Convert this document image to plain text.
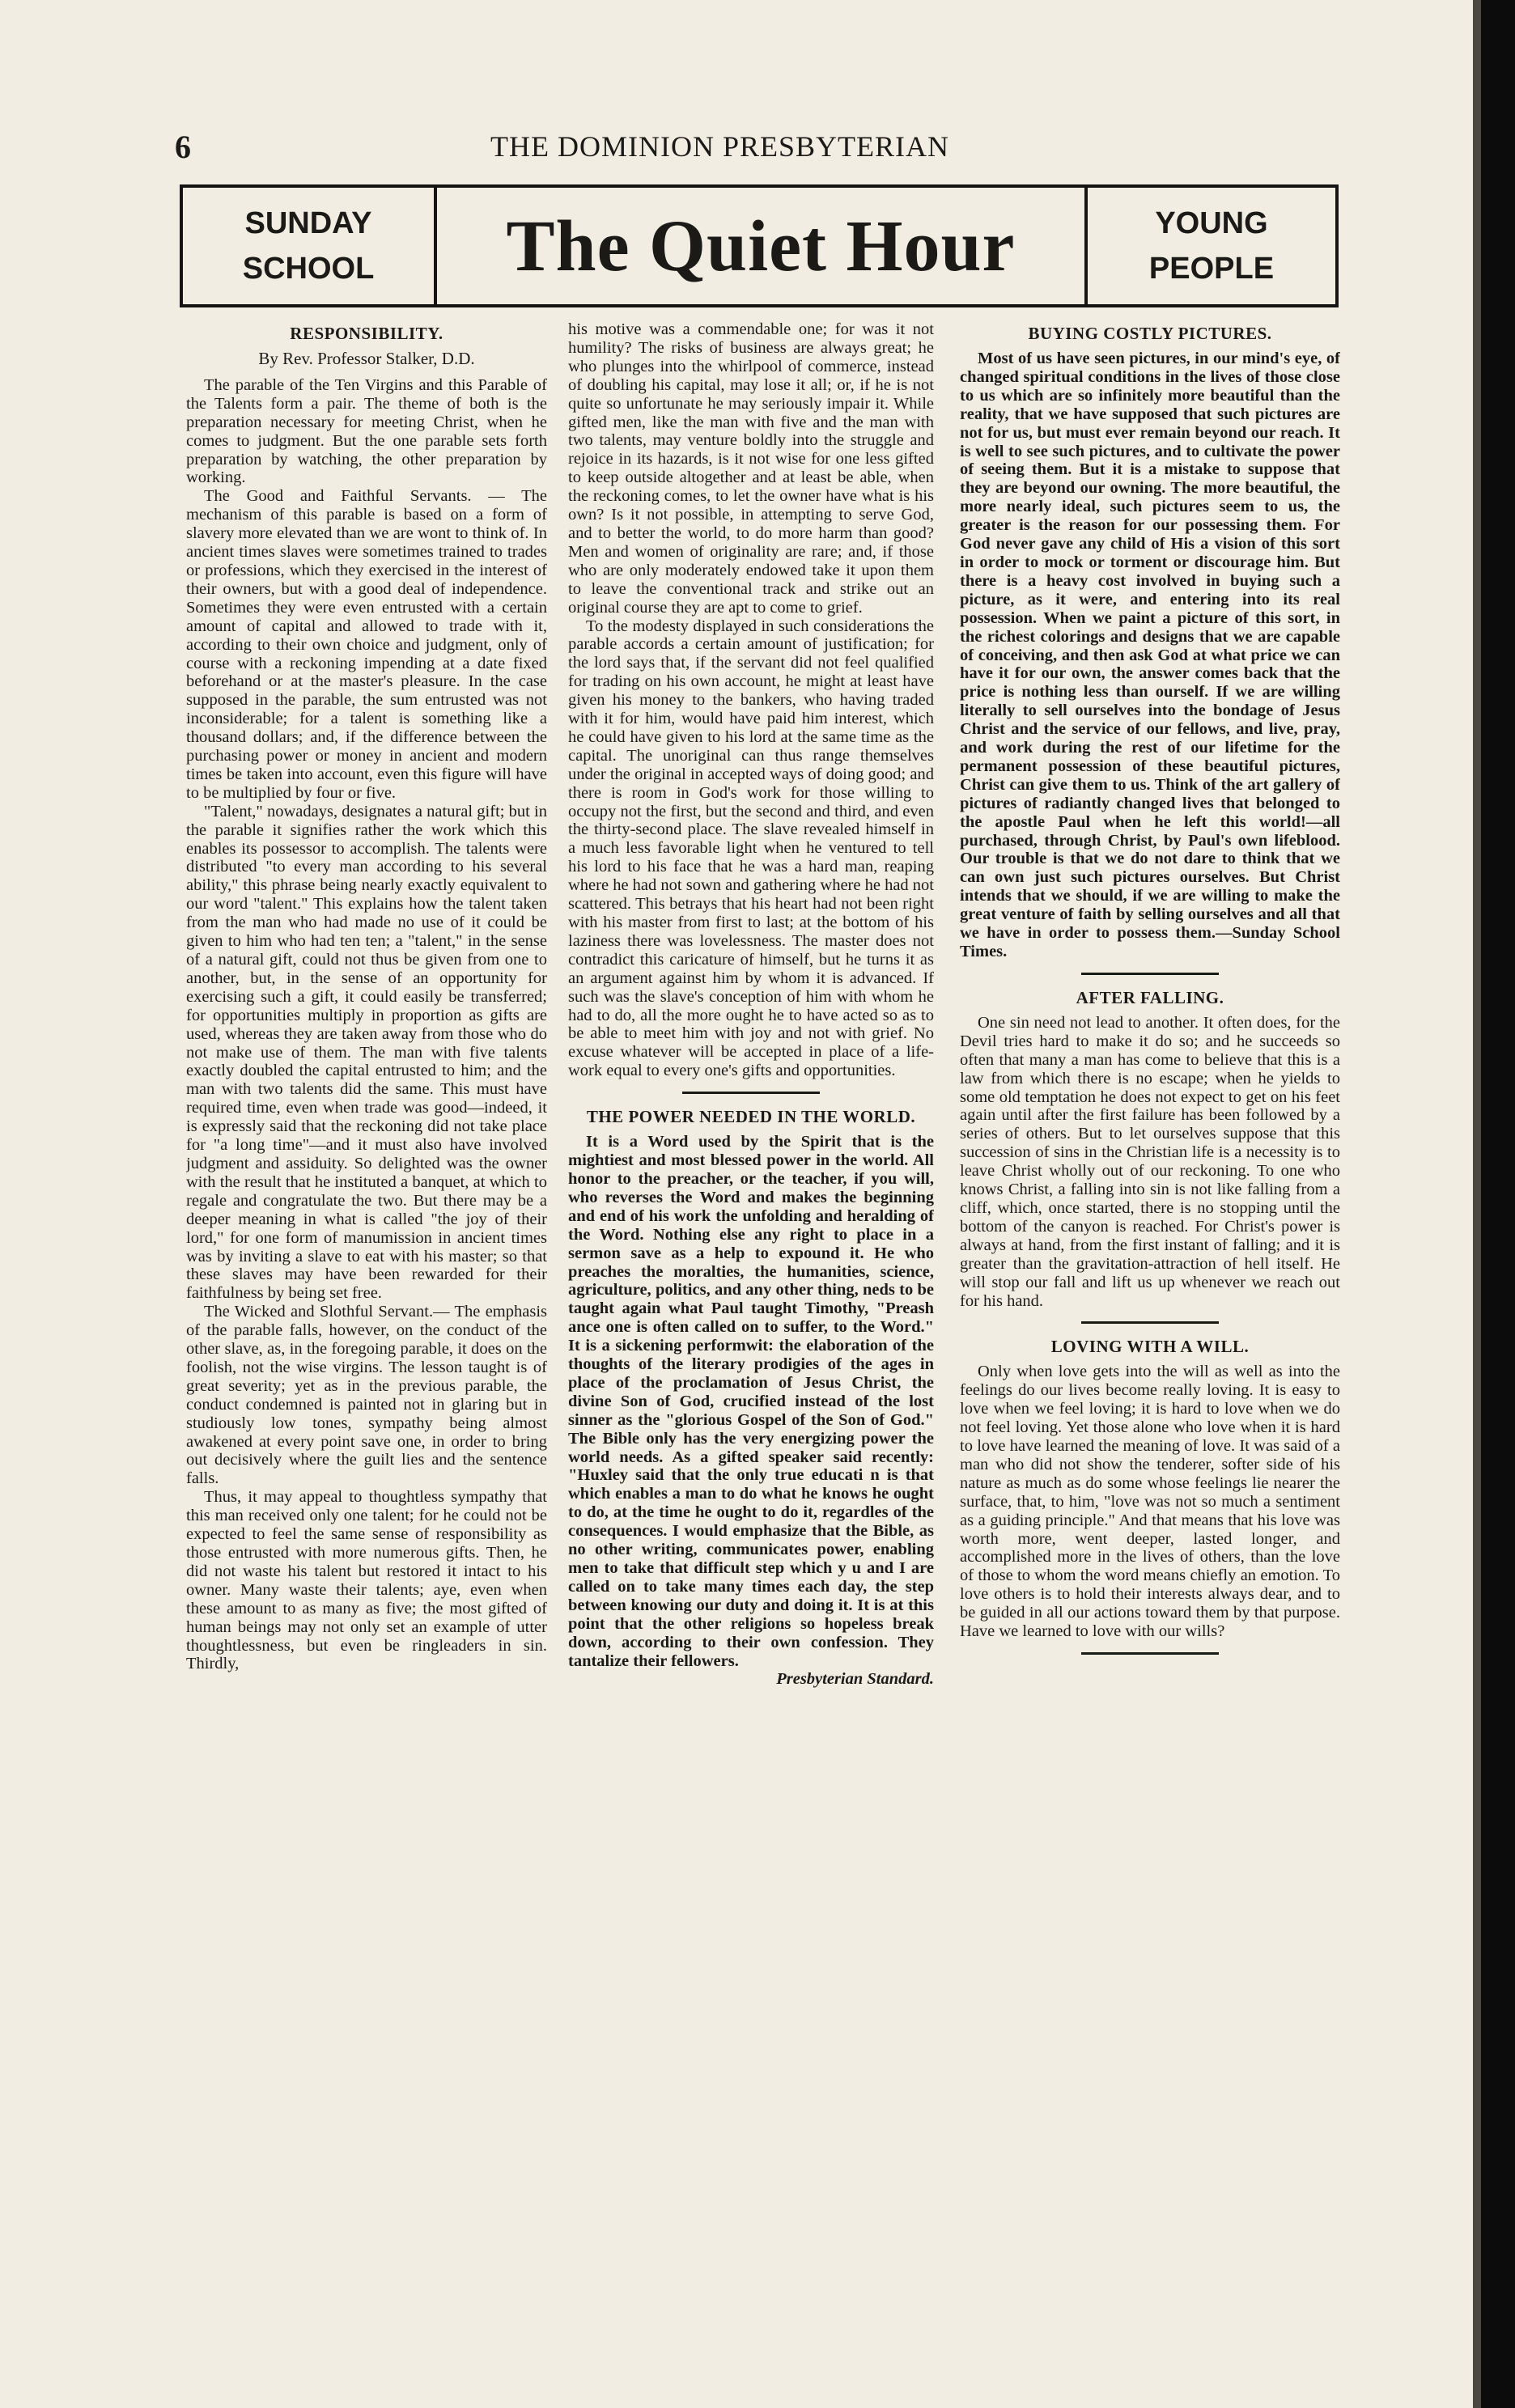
6	THE DOMINION PRESBYTERIAN
SUNDAY
SCHOOL The Quiet Hour	YOUNG
PEOPLE
RESPONSIBILITY.

By Rev. Professor Stalker, D.D.

The parable of the Ten Virgins and this Parable of the Talents form a pair. The theme of both is the preparation necessary for meeting Christ, when he comes to judgment. But the one parable sets forth preparation by watching, the other preparation by working.

The Good and Faithful Servants. — The mechanism of this parable is based on a form of slavery more elevated than we are wont to think of. In ancient times slaves were sometimes trained to trades or professions, which they exercised in the interest of their owners, but with a good deal of independence. Sometimes they were even entrusted with a certain amount of capital and allowed to trade with it, according to their own choice and judgment, only of course with a reckoning impending at a date fixed beforehand or at the master's pleasure. In the case supposed in the parable, the sum entrusted was not inconsiderable; for a talent is something like a thousand dollars; and, if the difference between the purchasing power or money in ancient and modern times be taken into account, even this figure will have to be multiplied by four or five.

"Talent," nowadays, designates a natural gift; but in the parable it signifies rather the work which this enables its possessor to accomplish. The talents were distributed "to every man according to his several ability," this phrase being nearly exactly equivalent to our word "talent." This explains how the talent taken from the man who had made no use of it could be given to him who had ten ten; a "talent," in the sense of a natural gift, could not thus be given from one to another, but, in the sense of an opportunity for exercising such a gift, it could easily be transferred; for opportunities multiply in proportion as gifts are used, whereas they are taken away from those who do not make use of them. The man with five talents exactly doubled the capital entrusted to him; and the man with two talents did the same. This must have required time, even when trade was good—indeed, it is expressly said that the reckoning did not take place for "a long time"—and it must also have involved judgment and assiduity. So delighted was the owner with the result that he instituted a banquet, at which to regale and congratulate the two. But there may be a deeper meaning in what is called "the joy of their lord," for one form of manumission in ancient times was by inviting a slave to eat with his master; so that these slaves may have been rewarded for their faithfulness by being set free.

The Wicked and Slothful Servant.— The emphasis of the parable falls, however, on the conduct of the other slave, as, in the foregoing parable, it does on the foolish, not the wise virgins. The lesson taught is of great severity; yet as in the previous parable, the conduct condemned is painted not in glaring but in studiously low tones, sympathy being almost awakened at every point save one, in order to bring out decisively where the guilt lies and the sentence falls.

Thus, it may appeal to thoughtless sympathy that this man received only one talent; for he could not be expected to feel the same sense of responsibility as those entrusted with more numerous gifts. Then, he did not waste his talent but restored it intact to his owner. Many waste their talents; aye, even when these amount to as many as five; the most gifted of human beings may not only set an example of utter thoughtlessness, but even be ringleaders in sin. Thirdly,

his motive was a commendable one; for was it not humility? The risks of business are always great; he who plunges into the whirlpool of commerce, instead of doubling his capital, may lose it all; or, if he is not quite so unfortunate he may seriously impair it. While gifted men, like the man with five and the man with two talents, may venture boldly into the struggle and rejoice in its hazards, is it not wise for one less gifted to keep outside altogether and at least be able, when the reckoning comes, to let the owner have what is his own? Is it not possible, in attempting to serve God, and to better the world, to do more harm than good? Men and women of originality are rare; and, if those who are only moderately endowed take it upon them to leave the conventional track and strike out an original course they are apt to come to grief.

To the modesty displayed in such considerations the parable accords a certain amount of justification; for the lord says that, if the servant did not feel qualified for trading on his own account, he might at least have given his money to the bankers, who having traded with it for him, would have paid him interest, which he could have given to his lord at the same time as the capital. The unoriginal can thus range themselves under the original in accepted ways of doing good; and there is room in God's work for those willing to occupy not the first, but the second and third, and even the thirty-second place. The slave revealed himself in a much less favorable light when he ventured to tell his lord to his face that he was a hard man, reaping where he had not sown and gathering where he had not scattered. This betrays that his heart had not been right with his master from first to last; at the bottom of his laziness there was lovelessness. The master does not contradict this caricature of himself, but he turns it as an argument against him by whom it is advanced. If such was the slave's conception of him with whom he had to do, all the more ought he to have acted so as to be able to meet him with joy and not with grief. No excuse whatever will be accepted in place of a life-work equal to every one's gifts and opportunities.

THE POWER NEEDED IN THE WORLD.

It is a Word used by the Spirit that is the mightiest and most blessed power in the world. All honor to the preacher, or the teacher, if you will, who reverses the Word and makes the beginning and end of his work the unfolding and heralding of the Word. Nothing else any right to place in a sermon save as a help to expound it. He who preaches the moralties, the humanities, science, agriculture, politics, and any other thing, neds to be taught again what Paul taught Timothy, "Preash ance one is often called on to suffer, to the Word." It is a sickening performwit: the elaboration of the thoughts of the literary prodigies of the ages in place of the proclamation of Jesus Christ, the divine Son of God, crucified instead of the lost sinner as the "glorious Gospel of the Son of God." The Bible only has the very energizing power the world needs. As a gifted speaker said recently: "Huxley said that the only true educati n is that which enables a man to do what he knows he ought to do, at the time he ought to do it, regardles of the consequences. I would emphasize that the Bible, as no other writing, communicates power, enabling men to take that difficult step which y u and I are called on to take many times each day, the step between knowing our duty and doing it. It is at this point that the other religions so hopeless break down, according to their own confession. They tantalize their fellowers.

Presbyterian Standard.

BUYING COSTLY PICTURES.

Most of us have seen pictures, in our mind's eye, of changed spiritual conditions in the lives of those close to us which are so infinitely more beautiful than the reality, that we have supposed that such pictures are not for us, but must ever remain beyond our reach. It is well to see such pictures, and to cultivate the power of seeing them. But it is a mistake to suppose that they are beyond our owning. The more beautiful, the more nearly ideal, such pictures seem to us, the greater is the reason for our possessing them. For God never gave any child of His a vision of this sort in order to mock or torment or discourage him. But there is a heavy cost involved in buying such a picture, as it were, and entering into its real possession. When we paint a picture of this sort, in the richest colorings and designs that we are capable of conceiving, and then ask God at what price we can have it for our own, the answer comes back that the price is nothing less than ourself. If we are willing literally to sell ourselves into the bondage of Jesus Christ and the service of our fellows, and live, pray, and work during the rest of our lifetime for the permanent possession of these beautiful pictures, Christ can give them to us. Think of the art gallery of pictures of radiantly changed lives that belonged to the apostle Paul when he left this world!—all purchased, through Christ, by Paul's own lifeblood. Our trouble is that we do not dare to think that we can own just such pictures ourselves. But Christ intends that we should, if we are willing to make the great venture of faith by selling ourselves and all that we have in order to possess them.—Sunday School Times.

AFTER FALLING.

One sin need not lead to another. It often does, for the Devil tries hard to make it do so; and he succeeds so often that many a man has come to believe that this is a law from which there is no escape; when he yields to some old temptation he does not expect to get on his feet again until after the first failure has been followed by a series of others. But to let ourselves suppose that this succession of sins in the Christian life is a necessity is to leave Christ wholly out of our reckoning. To one who knows Christ, a falling into sin is not like falling from a cliff, which, once started, there is no stopping until the bottom of the canyon is reached. For Christ's power is always at hand, from the first instant of falling; and it is greater than the gravitation-attraction of hell itself. He will stop our fall and lift us up whenever we reach out for his hand.

LOVING WITH A WILL.

Only when love gets into the will as well as into the feelings do our lives become really loving. It is easy to love when we feel loving; it is hard to love when we do not feel loving. Yet those alone who love when it is hard to love have learned the meaning of love. It was said of a man who did not show the tenderer, softer side of his nature as much as do some whose feelings lie nearer the surface, that, to him, "love was not so much a sentiment as a guiding principle." And that means that his love was worth more, went deeper, lasted longer, and accomplished more in the lives of others, than the love of those to whom the word means chiefly an emotion. To love others is to hold their interests always dear, and to be guided in all our actions toward them by that purpose. Have we learned to love with our wills?
